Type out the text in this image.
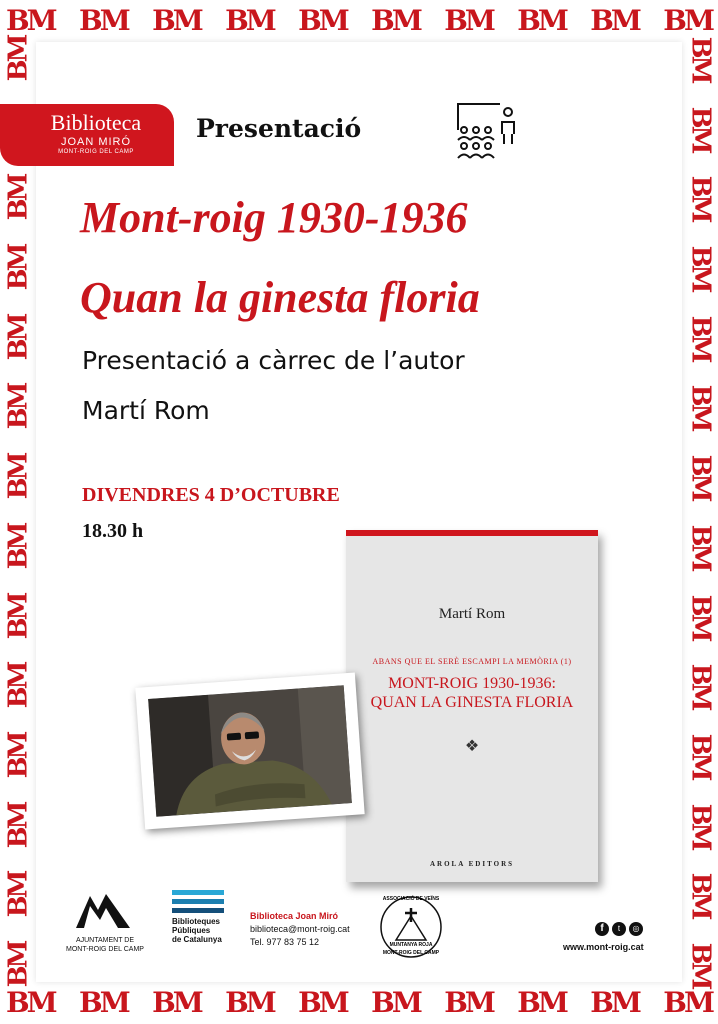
BM BM BM BM BM BM BM BM BM BM
BM BM BM BM BM BM BM BM BM BM
BM
BM
BM
BM
BM
BM
BM
BM
BM
BM
BM
BM
BM
BM
BM
BM
BM
BM
BM
BM
BM
BM
BM
BM
BM
BM
BM
Biblioteca
JOAN MIRÓ
MONT-ROIG DEL CAMP
Presentació
Mont-roig 1930-1936
Quan la ginesta floria
Presentació a càrrec de l’autor
Martí Rom
DIVENDRES 4 D’OCTUBRE
18.30 h
Martí Rom
ABANS QUE EL SERÈ ESCAMPI LA MEMÒRIA (1)
MONT-ROIG 1930-1936:
QUAN LA GINESTA FLORIA
❖
AROLA EDITORS
AJUNTAMENT DE
MONT-ROIG DEL CAMP
Biblioteques
Públiques
de Catalunya
Biblioteca Joan Miró
biblioteca@mont-roig.cat
Tel. 977 83 75 12
ASSOCIACIÓ DE VEÏNS
MUNTANYA ROJA
MONT-ROIG DEL CAMP
f	t	◎
www.mont-roig.cat
